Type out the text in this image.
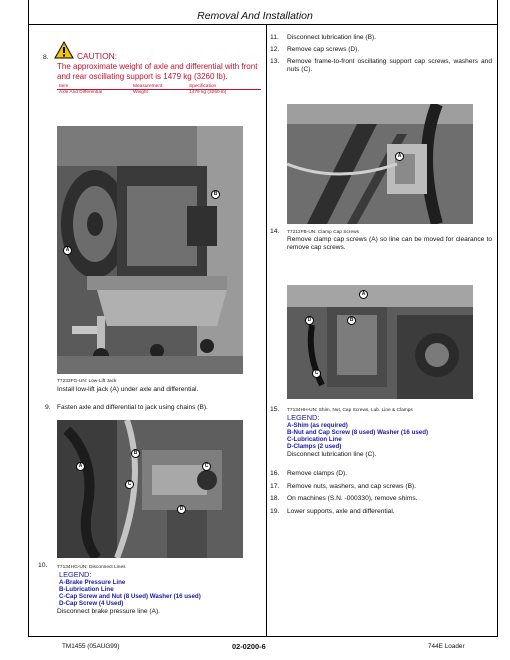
Removal And Installation
8.	CAUTION:
The approximate weight of axle and differential with front and rear oscillating support is 1479 kg (3260 lb).
Item	Measurement	Specification
Axle And Differential	Weight	1479 kg (3260 lb)
B
A
T7233FG-UN: Low-Lift Jack
Install low-lift jack (A) under axle and differential.
9. Fasten axle and differential to jack using chains (B).
A
B
C
C
D
10. T7134HG-UN: Disconnect Lines
LEGEND:
A-Brake Pressure Line
B-Lubrication Line
C-Cap Screw and Nut (8 Used) Washer (16 used)
D-Cap Screw (4 Used)
Disconnect brake pressure line (A).
11. Disconnect lubrication line (B).
12. Remove cap screws (D).
13. Remove frame-to-front oscillating support cap screws, washers and nuts (C).
A
14. T7212FB-UN: Clamp Cap Screws
Remove clamp cap screws (A) so line can be moved for clearance to remove cap screws.
A
D	B
C
15. T7134HH-UN: Shim, Nut, Cap Screws, Lub. Line & Clamps
LEGEND:
A-Shim (as required)
B-Nut and Cap Screw (8 used) Washer (16 used)
C-Lubrication Line
D-Clamps (2 used)
Disconnect lubrication line (C).
16. Remove clamps (D).
17. Remove nuts, washers, and cap screws (B).
18. On machines (S.N. -000330), remove shims.
19. Lower supports, axle and differential.
TM1455 (05AUG99)	02-0200-6	744E Loader
